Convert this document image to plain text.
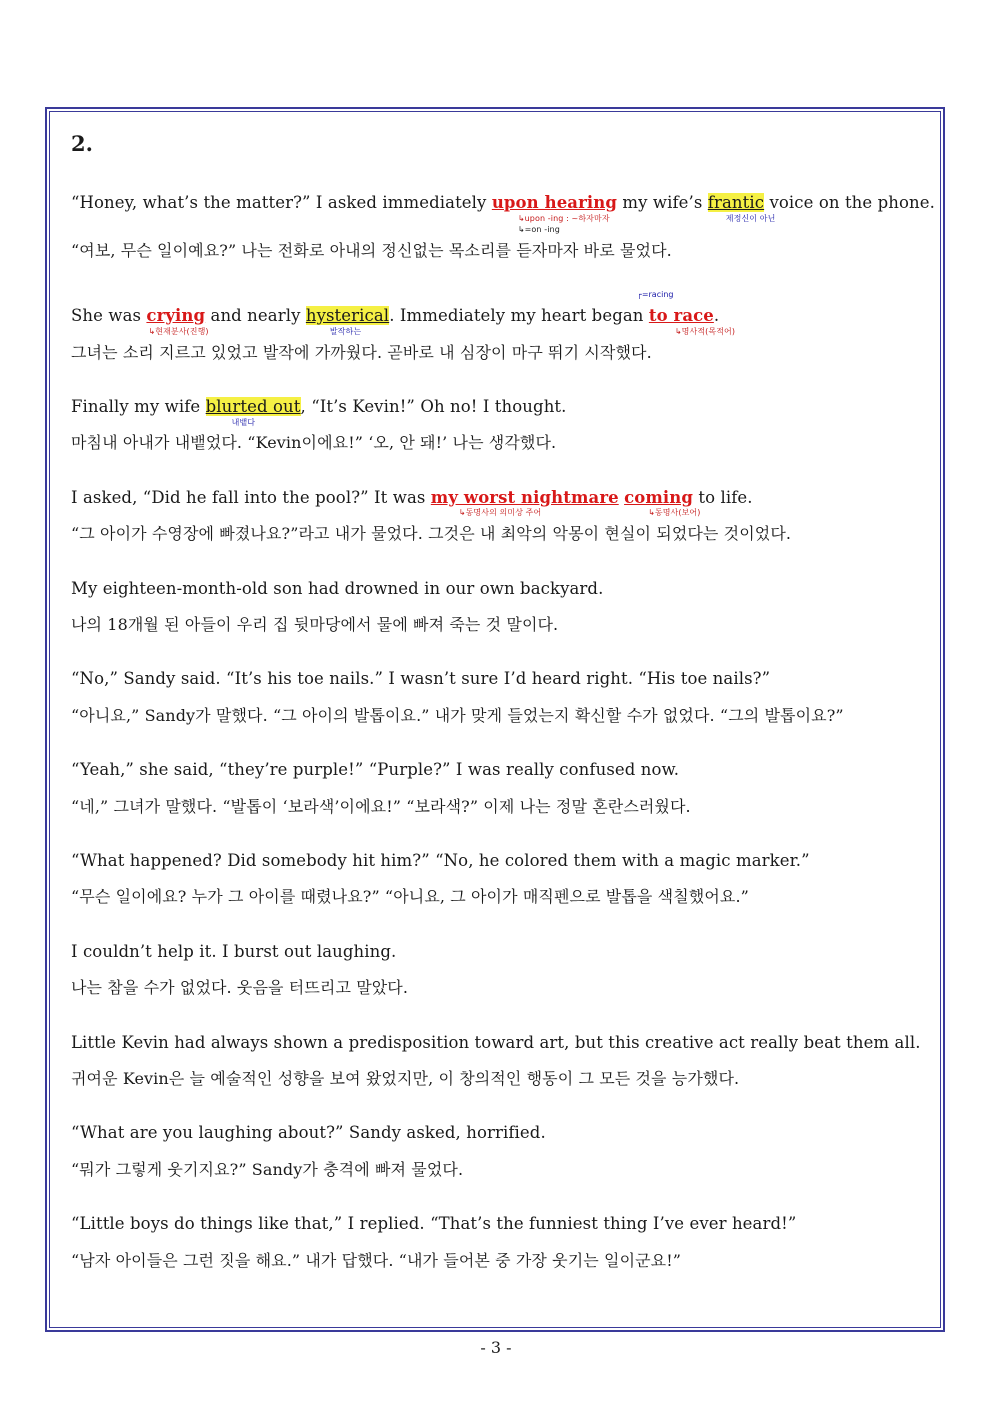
2.
“Honey, what’s the matter?” I asked immediately upon hearing
↳upon -ing : ~하자마자
↳=on -ing
my wife’s frantic
제정신이 아닌
voice on the phone.
“여보, 무슨 일이예요?” 나는 전화로 아내의 정신없는 목소리를 듣자마자 바로 물었다.
┌=racing
She was crying
↳현재분사(진행)
and nearly hysterical
발작하는
. Immediately my heart began to race
↳명사적(목적어)
.
그녀는 소리 지르고 있었고 발작에 가까웠다. 곧바로 내 심장이 마구 뛰기 시작했다.
Finally my wife blurted out
내뱉다
, “It’s Kevin!” Oh no! I thought.
마침내 아내가 내뱉었다. “Kevin이에요!” ‘오, 안 돼!’ 나는 생각했다.
I asked, “Did he fall into the pool?” It was my worst nightmare
↳동명사의 의미상 주어
coming
↳동명사(보어)
to life.
“그 아이가 수영장에 빠졌나요?”라고 내가 물었다. 그것은 내 최악의 악몽이 현실이 되었다는 것이었다.
My eighteen-month-old son had drowned in our own backyard.
나의 18개월 된 아들이 우리 집 뒷마당에서 물에 빠져 죽는 것 말이다.
“No,” Sandy said. “It’s his toe nails.” I wasn’t sure I’d heard right. “His toe nails?”
“아니요,” Sandy가 말했다. “그 아이의 발톱이요.” 내가 맞게 들었는지 확신할 수가 없었다. “그의 발톱이요?”
“Yeah,” she said, “they’re purple!” “Purple?” I was really confused now.
“네,” 그녀가 말했다. “발톱이 ‘보라색’이에요!” “보라색?” 이제 나는 정말 혼란스러웠다.
“What happened? Did somebody hit him?” “No, he colored them with a magic marker.”
“무슨 일이에요? 누가 그 아이를 때렸나요?” “아니요, 그 아이가 매직펜으로 발톱을 색칠했어요.”
I couldn’t help it. I burst out laughing.
나는 참을 수가 없었다. 웃음을 터뜨리고 말았다.
Little Kevin had always shown a predisposition toward art, but this creative act really beat them all.
귀여운 Kevin은 늘 예술적인 성향을 보여 왔었지만, 이 창의적인 행동이 그 모든 것을 능가했다.
“What are you laughing about?” Sandy asked, horrified.
“뭐가 그렇게 웃기지요?” Sandy가 충격에 빠져 물었다.
“Little boys do things like that,” I replied. “That’s the funniest thing I’ve ever heard!”
“남자 아이들은 그런 짓을 해요.” 내가 답했다. “내가 들어본 중 가장 웃기는 일이군요!”
- 3 -
